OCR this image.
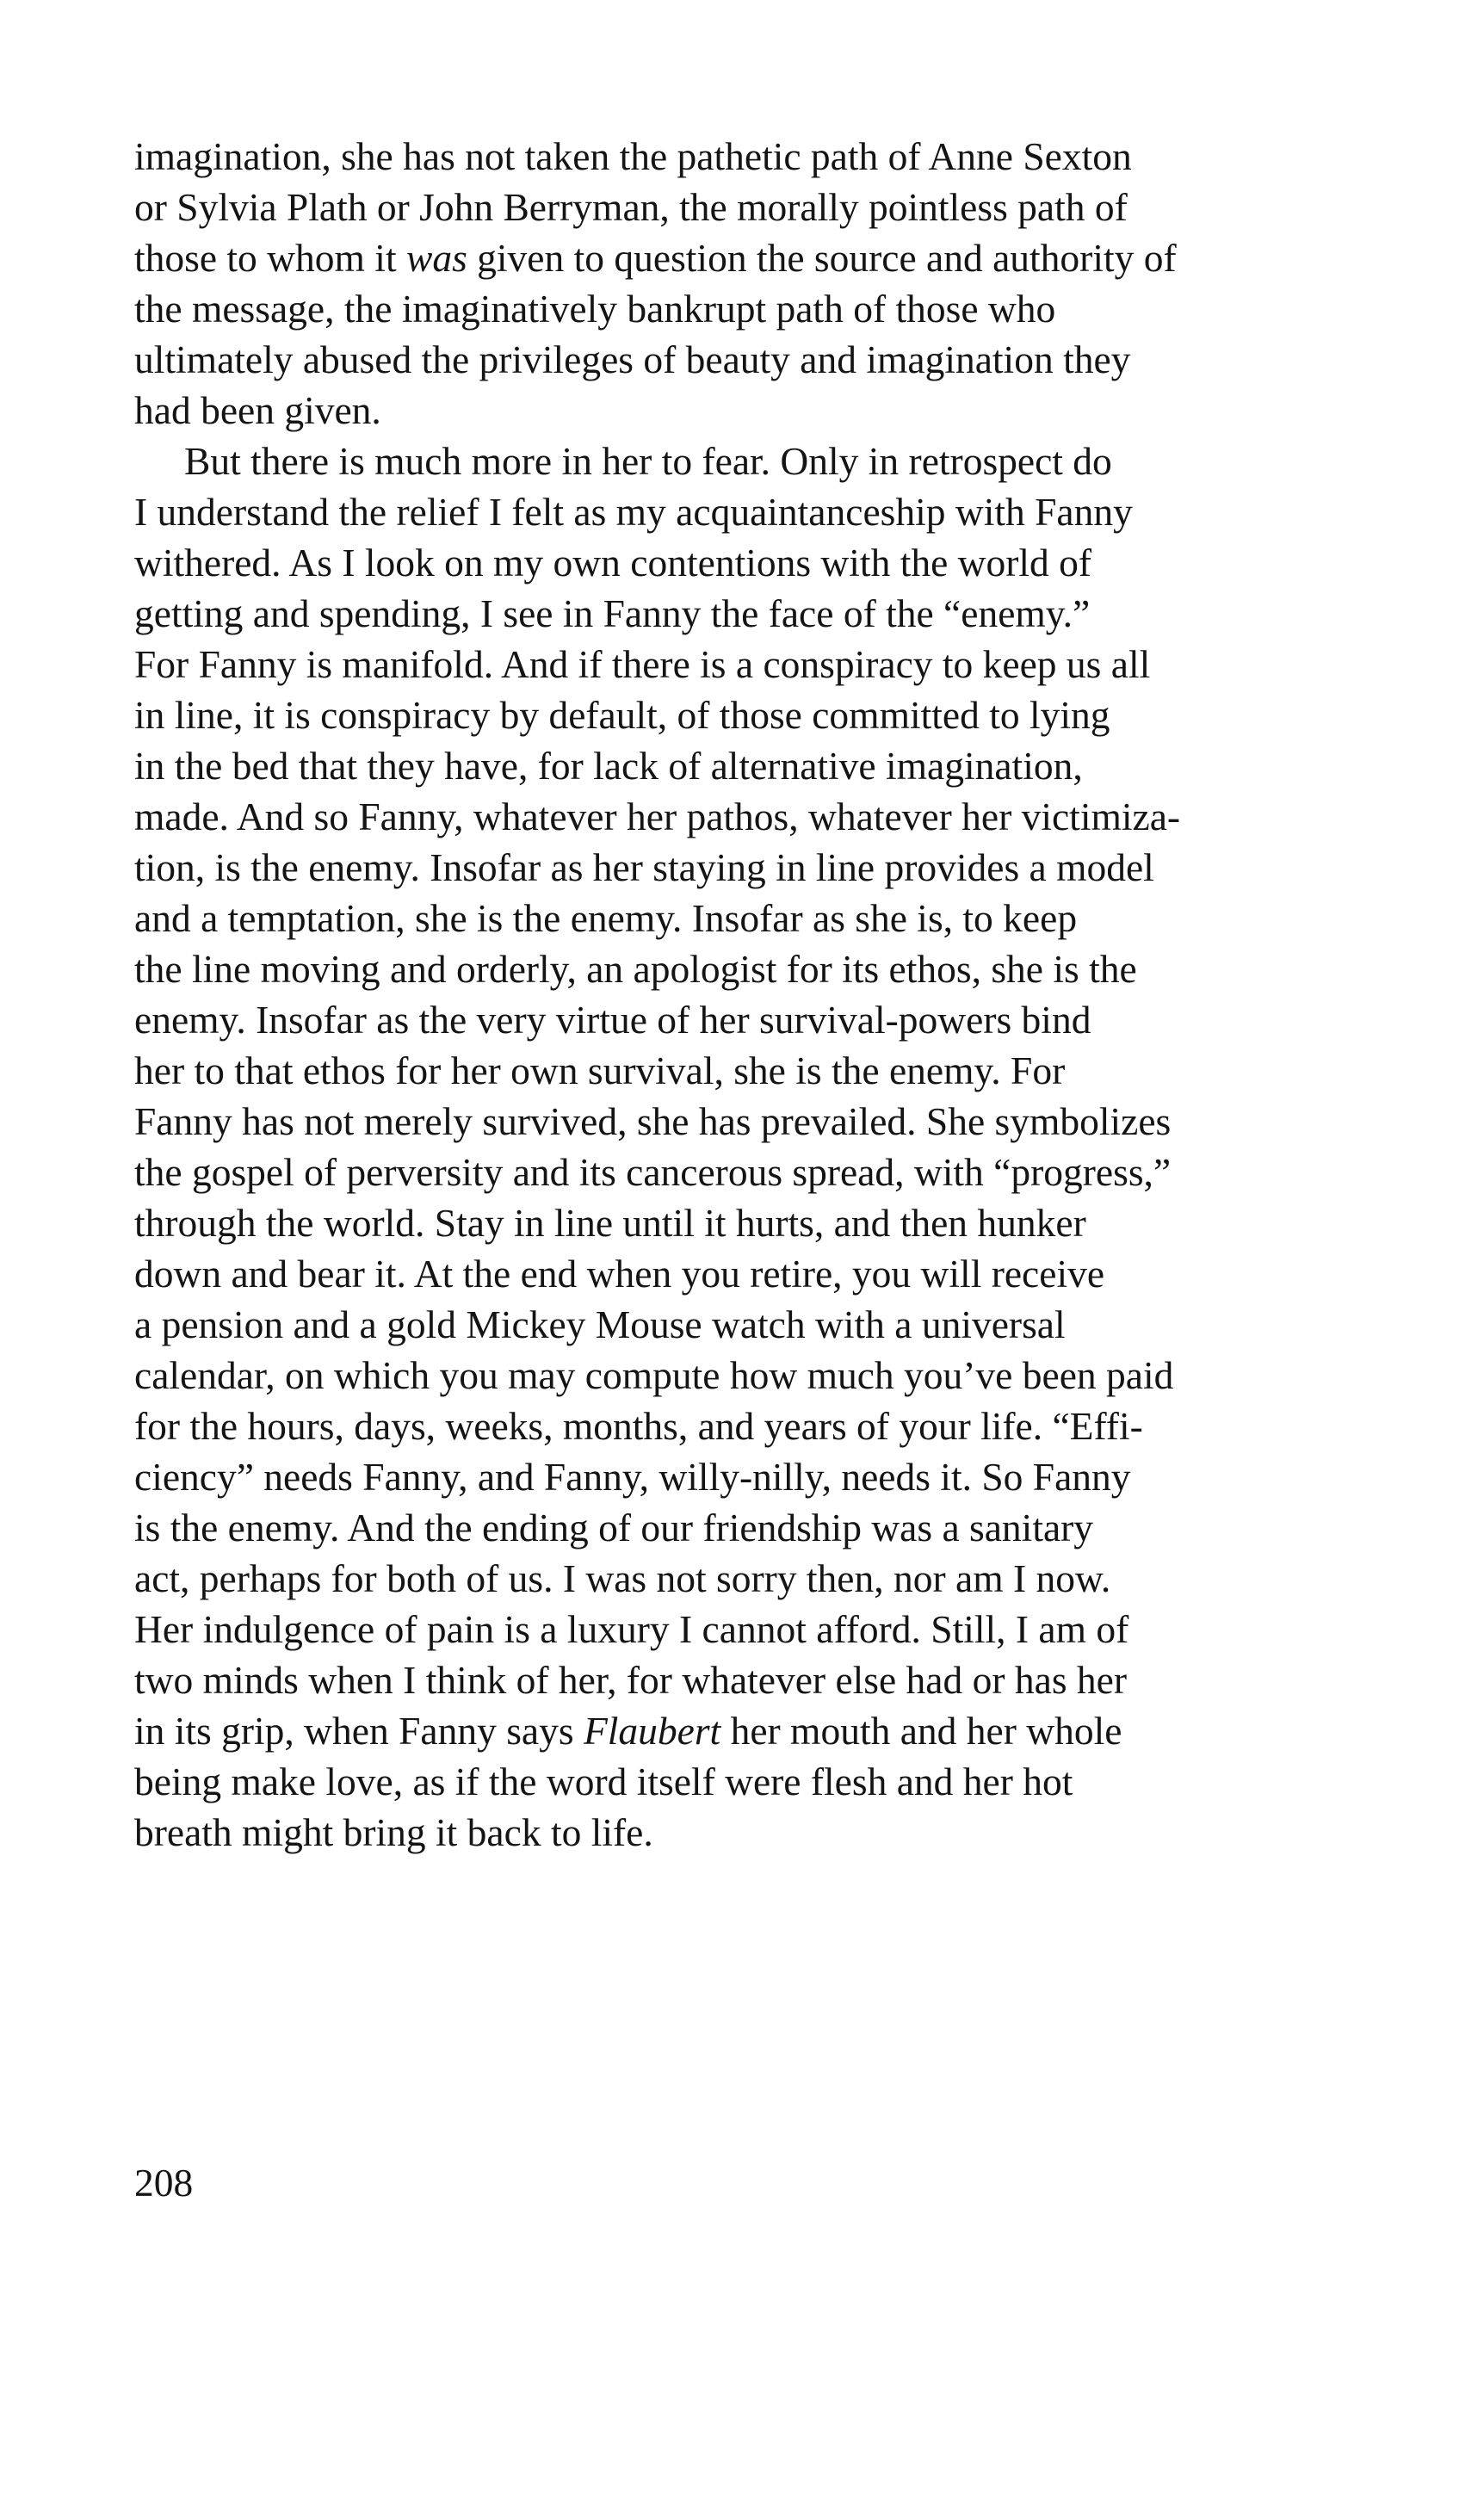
imagination, she has not taken the pathetic path of Anne Sexton
or Sylvia Plath or John Berryman, the morally pointless path of
those to whom it was given to question the source and authority of
the message, the imaginatively bankrupt path of those who
ultimately abused the privileges of beauty and imagination they
had been given.
But there is much more in her to fear. Only in retrospect do
I understand the relief I felt as my acquaintanceship with Fanny
withered. As I look on my own contentions with the world of
getting and spending, I see in Fanny the face of the “enemy.”
For Fanny is manifold. And if there is a conspiracy to keep us all
in line, it is conspiracy by default, of those committed to lying
in the bed that they have, for lack of alternative imagination,
made. And so Fanny, whatever her pathos, whatever her victimiza-
tion, is the enemy. Insofar as her staying in line provides a model
and a temptation, she is the enemy. Insofar as she is, to keep
the line moving and orderly, an apologist for its ethos, she is the
enemy. Insofar as the very virtue of her survival-powers bind
her to that ethos for her own survival, she is the enemy. For
Fanny has not merely survived, she has prevailed. She symbolizes
the gospel of perversity and its cancerous spread, with “progress,”
through the world. Stay in line until it hurts, and then hunker
down and bear it. At the end when you retire, you will receive
a pension and a gold Mickey Mouse watch with a universal
calendar, on which you may compute how much you’ve been paid
for the hours, days, weeks, months, and years of your life. “Effi-
ciency” needs Fanny, and Fanny, willy-nilly, needs it. So Fanny
is the enemy. And the ending of our friendship was a sanitary
act, perhaps for both of us. I was not sorry then, nor am I now.
Her indulgence of pain is a luxury I cannot afford. Still, I am of
two minds when I think of her, for whatever else had or has her
in its grip, when Fanny says Flaubert her mouth and her whole
being make love, as if the word itself were flesh and her hot
breath might bring it back to life.
208
